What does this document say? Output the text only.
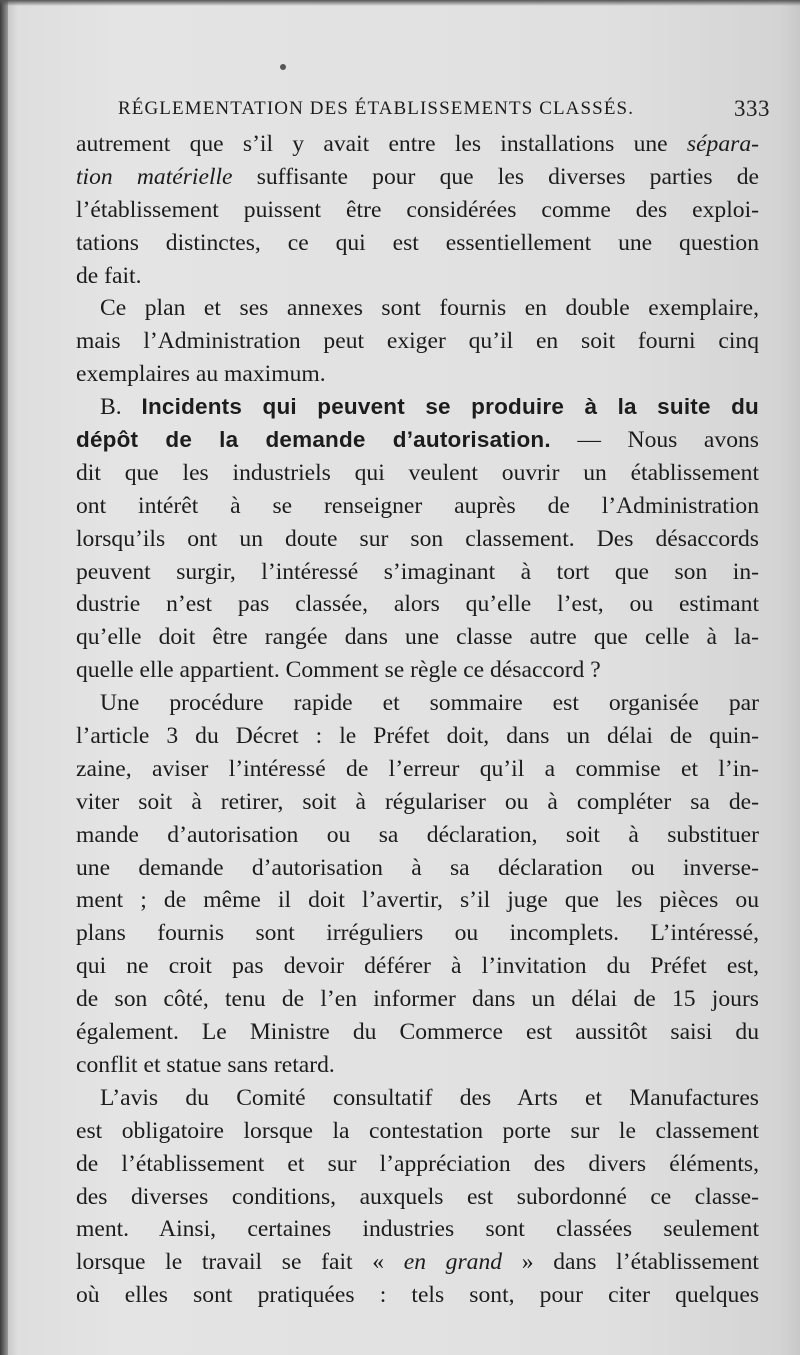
RÉGLEMENTATION DES ÉTABLISSEMENTS CLASSÉS.	333
autrement que s’il y avait entre les installations une sépara-
tion matérielle suffisante pour que les diverses parties de
l’établissement puissent être considérées comme des exploi-
tations distinctes, ce qui est essentiellement une question
de fait.
Ce plan et ses annexes sont fournis en double exemplaire,
mais l’Administration peut exiger qu’il en soit fourni cinq
exemplaires au maximum.
B. Incidents qui peuvent se produire à la suite du
dépôt de la demande d’autorisation. — Nous avons
dit que les industriels qui veulent ouvrir un établissement
ont intérêt à se renseigner auprès de l’Administration
lorsqu’ils ont un doute sur son classement. Des désaccords
peuvent surgir, l’intéressé s’imaginant à tort que son in-
dustrie n’est pas classée, alors qu’elle l’est, ou estimant
qu’elle doit être rangée dans une classe autre que celle à la-
quelle elle appartient. Comment se règle ce désaccord ?
Une procédure rapide et sommaire est organisée par
l’article 3 du Décret : le Préfet doit, dans un délai de quin-
zaine, aviser l’intéressé de l’erreur qu’il a commise et l’in-
viter soit à retirer, soit à régulariser ou à compléter sa de-
mande d’autorisation ou sa déclaration, soit à substituer
une demande d’autorisation à sa déclaration ou inverse-
ment ; de même il doit l’avertir, s’il juge que les pièces ou
plans fournis sont irréguliers ou incomplets. L’intéressé,
qui ne croit pas devoir déférer à l’invitation du Préfet est,
de son côté, tenu de l’en informer dans un délai de 15 jours
également. Le Ministre du Commerce est aussitôt saisi du
conflit et statue sans retard.
L’avis du Comité consultatif des Arts et Manufactures
est obligatoire lorsque la contestation porte sur le classement
de l’établissement et sur l’appréciation des divers éléments,
des diverses conditions, auxquels est subordonné ce classe-
ment. Ainsi, certaines industries sont classées seulement
lorsque le travail se fait « en grand » dans l’établissement
où elles sont pratiquées : tels sont, pour citer quelques
